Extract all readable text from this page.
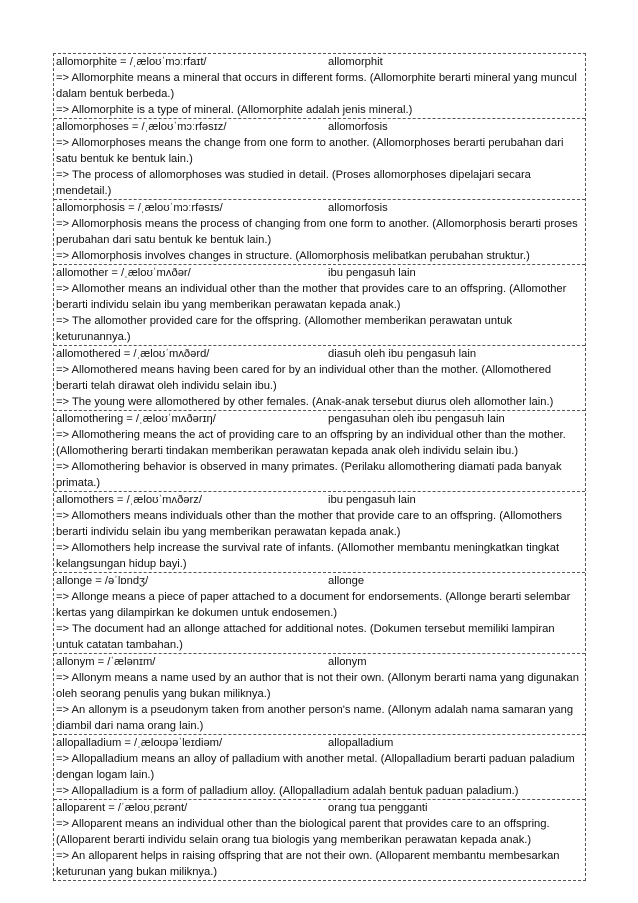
allomorphite = /ˌæloʊˈmɔːrfaɪt/	allomorphit
=> Allomorphite means a mineral that occurs in different forms. (Allomorphite berarti mineral yang muncul dalam bentuk berbeda.)
=> Allomorphite is a type of mineral. (Allomorphite adalah jenis mineral.)
allomorphoses = /ˌæloʊˈmɔːrfəsɪz/	allomorfosis
=> Allomorphoses means the change from one form to another. (Allomorphoses berarti perubahan dari satu bentuk ke bentuk lain.)
=> The process of allomorphoses was studied in detail. (Proses allomorphoses dipelajari secara mendetail.)
allomorphosis = /ˌæloʊˈmɔːrfəsɪs/	allomorfosis
=> Allomorphosis means the process of changing from one form to another. (Allomorphosis berarti proses perubahan dari satu bentuk ke bentuk lain.)
=> Allomorphosis involves changes in structure. (Allomorphosis melibatkan perubahan struktur.)
allomother = /ˌæloʊˈmʌðər/	ibu pengasuh lain
=> Allomother means an individual other than the mother that provides care to an offspring. (Allomother berarti individu selain ibu yang memberikan perawatan kepada anak.)
=> The allomother provided care for the offspring. (Allomother memberikan perawatan untuk keturunannya.)
allomothered = /ˌæloʊˈmʌðərd/	diasuh oleh ibu pengasuh lain
=> Allomothered means having been cared for by an individual other than the mother. (Allomothered berarti telah dirawat oleh individu selain ibu.)
=> The young were allomothered by other females. (Anak-anak tersebut diurus oleh allomother lain.)
allomothering = /ˌæloʊˈmʌðərɪŋ/	pengasuhan oleh ibu pengasuh lain
=> Allomothering means the act of providing care to an offspring by an individual other than the mother. (Allomothering berarti tindakan memberikan perawatan kepada anak oleh individu selain ibu.)
=> Allomothering behavior is observed in many primates. (Perilaku allomothering diamati pada banyak primata.)
allomothers = /ˌæloʊˈmʌðərz/	ibu pengasuh lain
=> Allomothers means individuals other than the mother that provide care to an offspring. (Allomothers berarti individu selain ibu yang memberikan perawatan kepada anak.)
=> Allomothers help increase the survival rate of infants. (Allomother membantu meningkatkan tingkat kelangsungan hidup bayi.)
allonge = /əˈlɒndʒ/	allonge
=> Allonge means a piece of paper attached to a document for endorsements. (Allonge berarti selembar kertas yang dilampirkan ke dokumen untuk endosemen.)
=> The document had an allonge attached for additional notes. (Dokumen tersebut memiliki lampiran untuk catatan tambahan.)
allonym = /ˈælənɪm/	allonym
=> Allonym means a name used by an author that is not their own. (Allonym berarti nama yang digunakan oleh seorang penulis yang bukan miliknya.)
=> An allonym is a pseudonym taken from another person's name. (Allonym adalah nama samaran yang diambil dari nama orang lain.)
allopalladium = /ˌæloʊpəˈleɪdiəm/	allopalladium
=> Allopalladium means an alloy of palladium with another metal. (Allopalladium berarti paduan paladium dengan logam lain.)
=> Allopalladium is a form of palladium alloy. (Allopalladium adalah bentuk paduan paladium.)
alloparent = /ˈæloʊˌpɛrənt/	orang tua pengganti
=> Alloparent means an individual other than the biological parent that provides care to an offspring. (Alloparent berarti individu selain orang tua biologis yang memberikan perawatan kepada anak.)
=> An alloparent helps in raising offspring that are not their own. (Alloparent membantu membesarkan keturunan yang bukan miliknya.)
